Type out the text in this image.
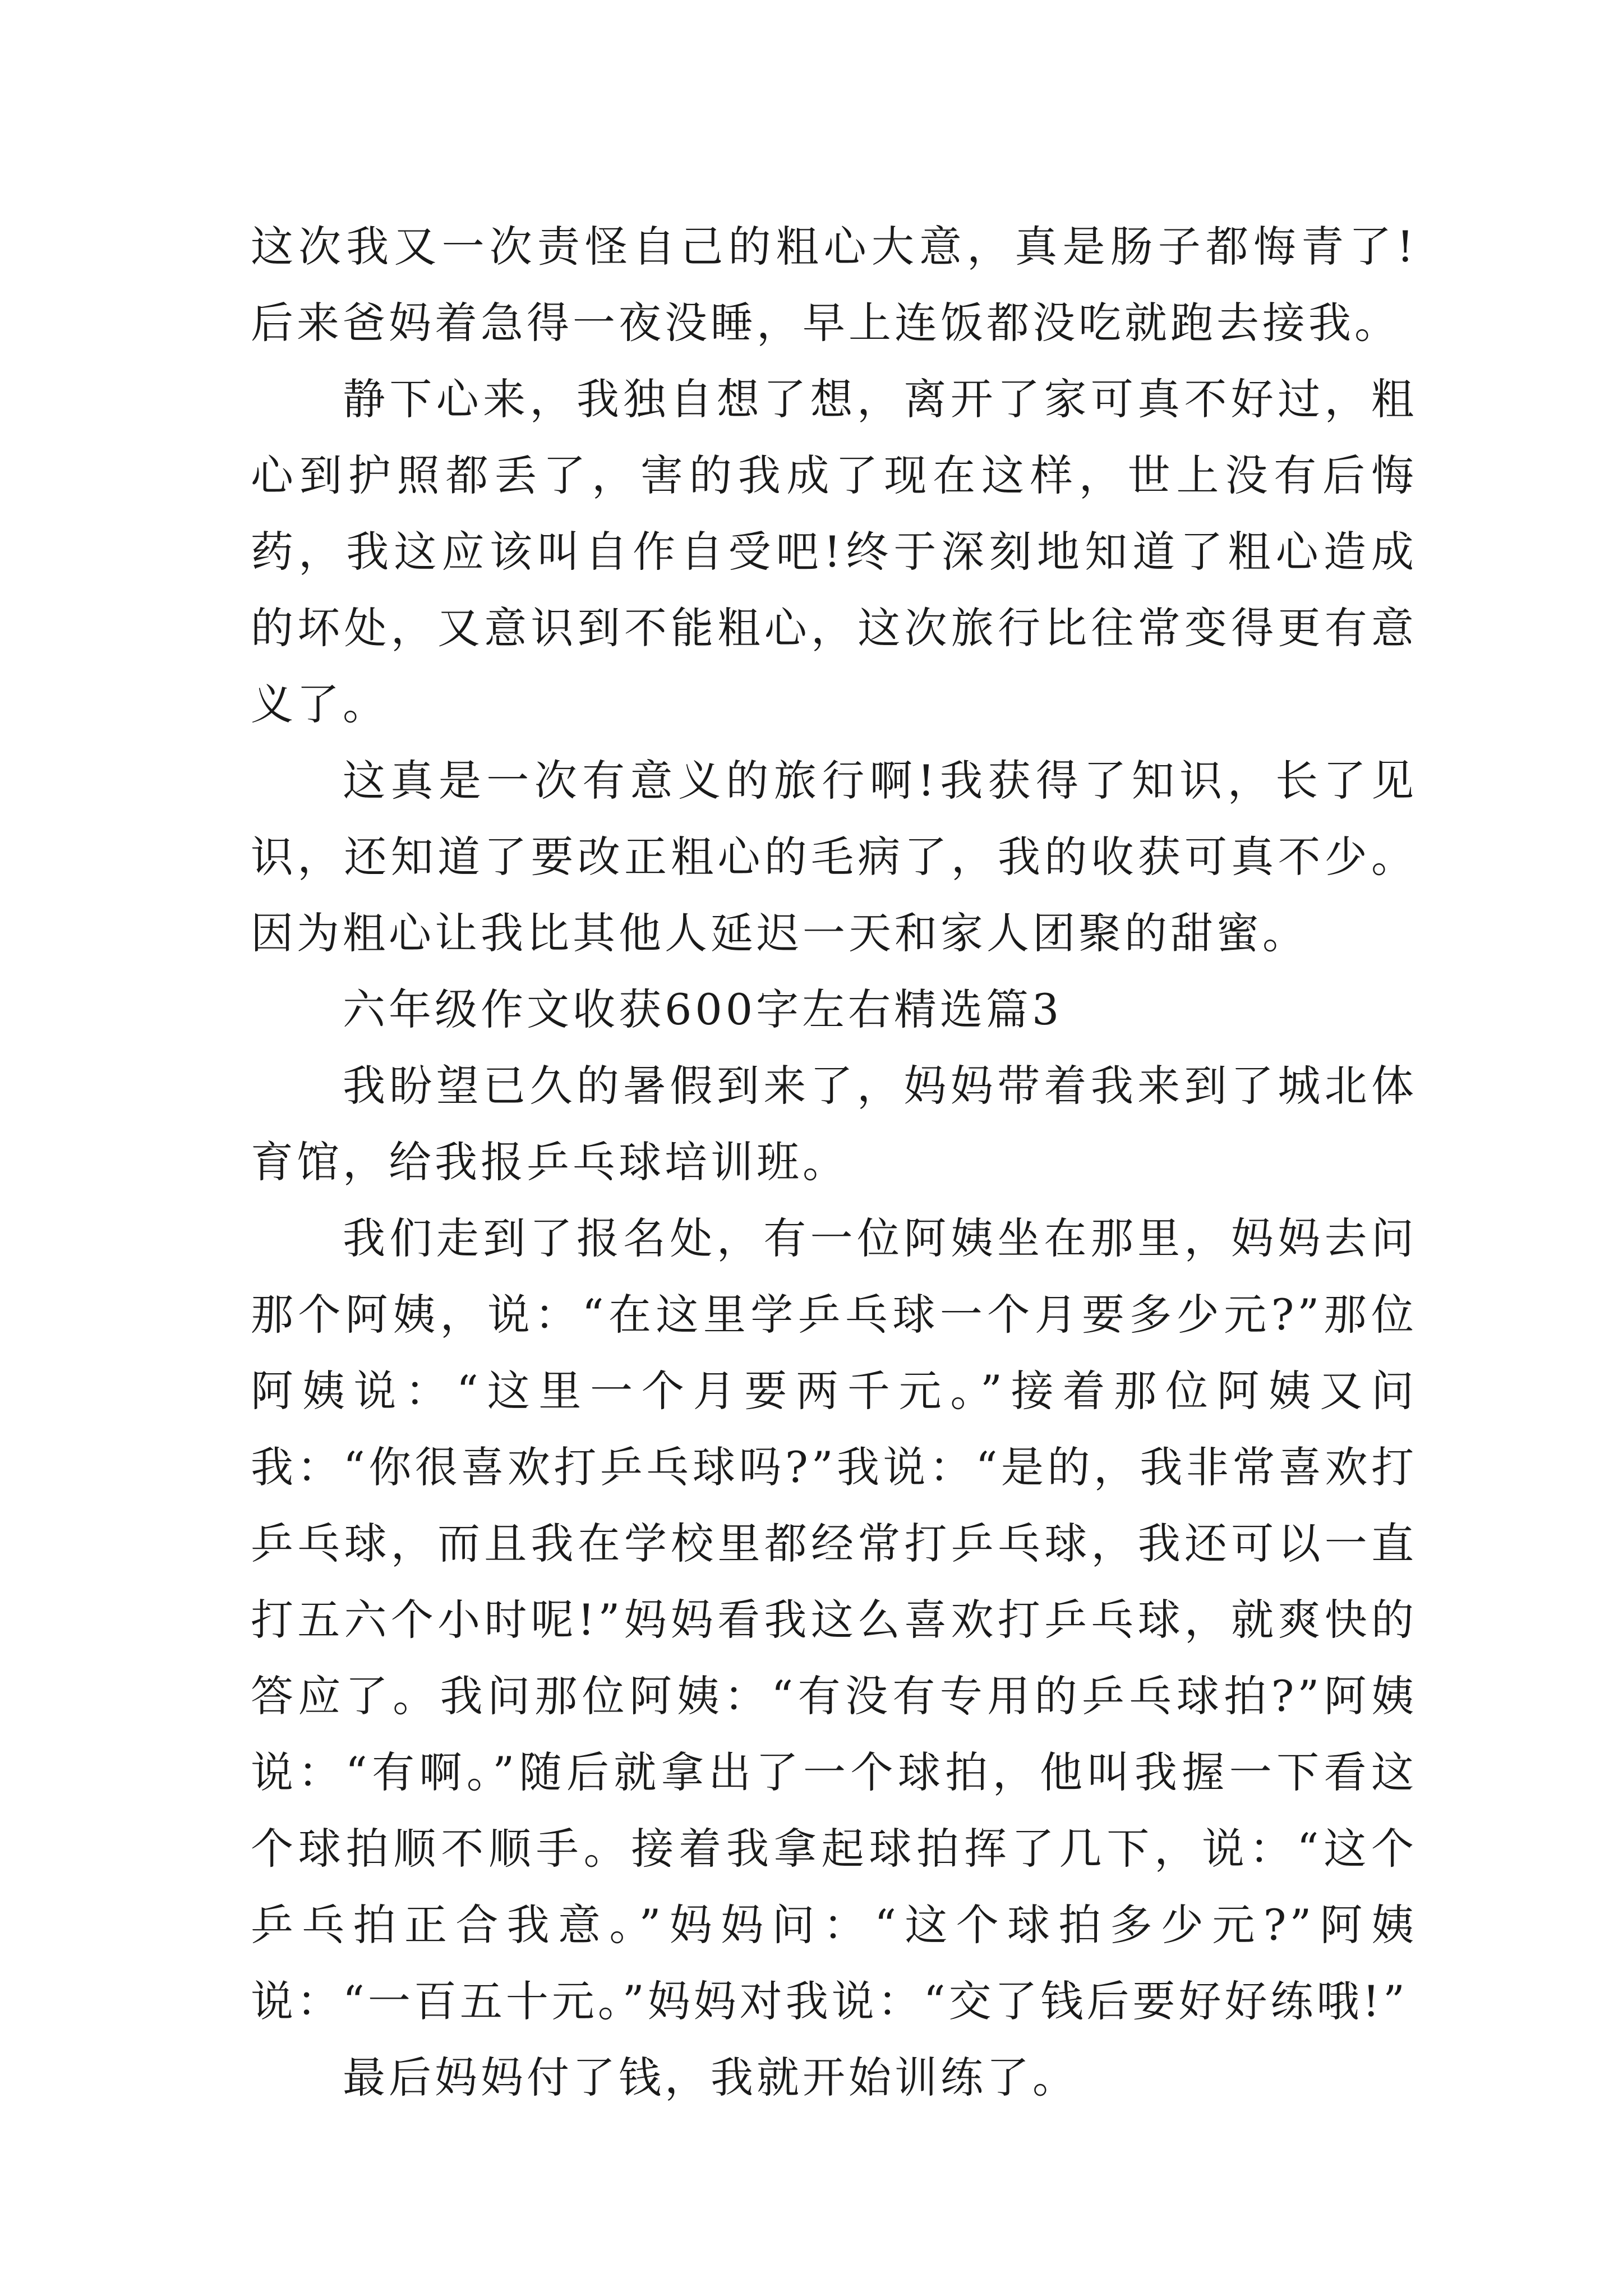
这次我又一次责怪自己的粗心大意，真是肠子都悔青了!后来爸妈着急得一夜没睡，早上连饭都没吃就跑去接我。

静下心来，我独自想了想，离开了家可真不好过，粗心到护照都丢了，害的我成了现在这样，世上没有后悔药，我这应该叫自作自受吧!终于深刻地知道了粗心造成的坏处，又意识到不能粗心，这次旅行比往常变得更有意义了。

这真是一次有意义的旅行啊!我获得了知识，长了见识，还知道了要改正粗心的毛病了，我的收获可真不少。因为粗心让我比其他人延迟一天和家人团聚的甜蜜。

六年级作文收获600字左右精选篇3

我盼望已久的暑假到来了，妈妈带着我来到了城北体育馆，给我报乒乓球培训班。

我们走到了报名处，有一位阿姨坐在那里，妈妈去问那个阿姨，说：“在这里学乒乓球一个月要多少元?”那位阿姨说：“这里一个月要两千元。”接着那位阿姨又问我：“你很喜欢打乒乓球吗?”我说：“是的，我非常喜欢打乒乓球，而且我在学校里都经常打乒乓球，我还可以一直打五六个小时呢!”妈妈看我这么喜欢打乒乓球，就爽快的答应了。我问那位阿姨：“有没有专用的乒乓球拍?”阿姨说：“有啊。”随后就拿出了一个球拍，他叫我握一下看这个球拍顺不顺手。接着我拿起球拍挥了几下，说：“这个乒乓拍正合我意。”妈妈问：“这个球拍多少元?”阿姨说：“一百五十元。”妈妈对我说：“交了钱后要好好练哦!”

最后妈妈付了钱，我就开始训练了。
